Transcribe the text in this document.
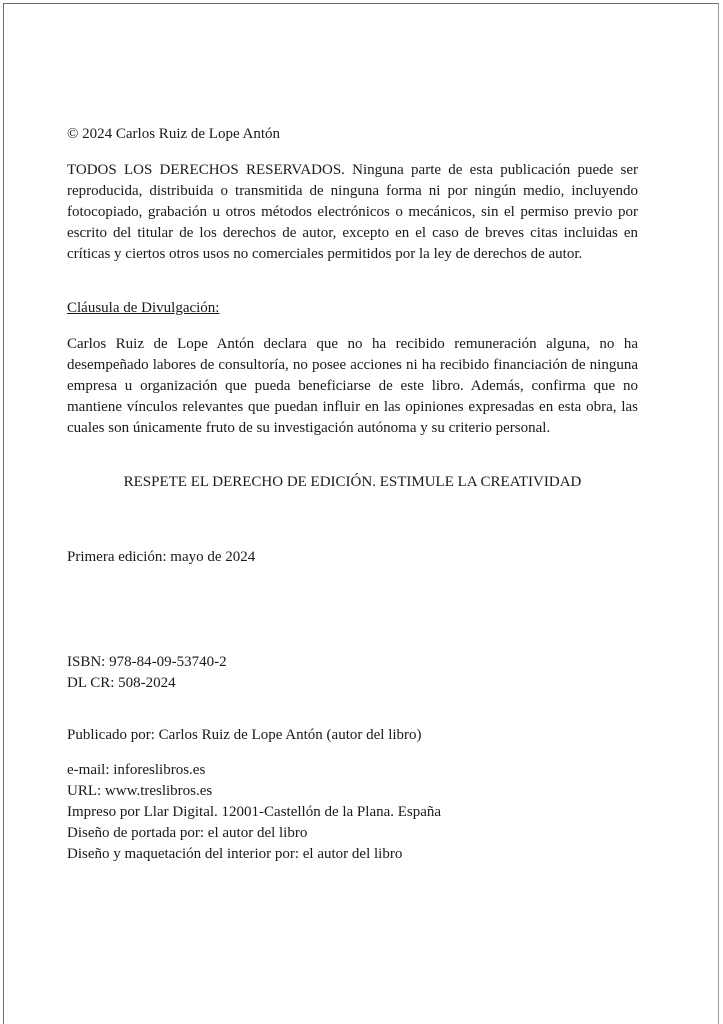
© 2024 Carlos Ruiz de Lope Antón
TODOS LOS DERECHOS RESERVADOS. Ninguna parte de esta publicación puede ser reproducida, distribuida o transmitida de ninguna forma ni por ningún medio, incluyendo fotocopiado, grabación u otros métodos electrónicos o mecánicos, sin el permiso previo por escrito del titular de los derechos de autor, excepto en el caso de breves citas incluidas en críticas y ciertos otros usos no comerciales permitidos por la ley de derechos de autor.
Cláusula de Divulgación:
Carlos Ruiz de Lope Antón declara que no ha recibido remuneración alguna, no ha desempeñado labores de consultoría, no posee acciones ni ha recibido financiación de ninguna empresa u organización que pueda beneficiarse de este libro. Además, confirma que no mantiene vínculos relevantes que puedan influir en las opiniones expresadas en esta obra, las cuales son únicamente fruto de su investigación autónoma y su criterio personal.
RESPETE EL DERECHO DE EDICIÓN. ESTIMULE LA CREATIVIDAD
Primera edición: mayo de 2024
ISBN: 978-84-09-53740-2
DL CR: 508-2024
Publicado por: Carlos Ruiz de Lope Antón (autor del libro)
e-mail: inforeslibros.es
URL: www.treslibros.es
Impreso por Llar Digital. 12001-Castellón de la Plana. España
Diseño de portada por: el autor del libro
Diseño y maquetación del interior por: el autor del libro
